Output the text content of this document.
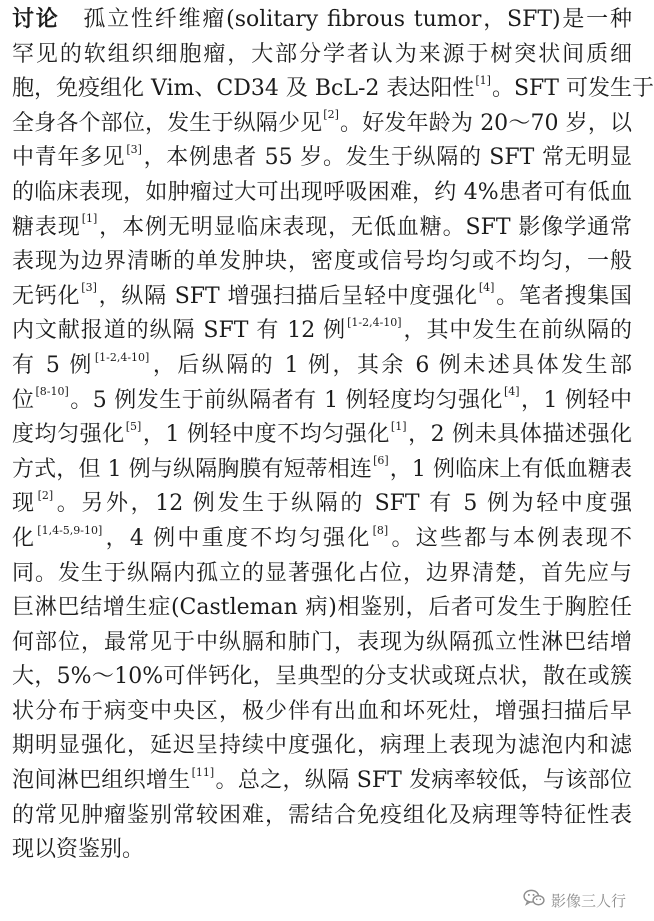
讨论  孤立性纤维瘤(solitary fibrous tumor，SFT)是一种
罕见的软组织细胞瘤，大部分学者认为来源于树突状间质细
胞，免疫组化 Vim、CD34 及 BcL-2 表达阳性[1]。SFT 可发生于
全身各个部位，发生于纵隔少见[2]。好发年龄为 20～70 岁，以
中青年多见[3]，本例患者 55 岁。发生于纵隔的 SFT 常无明显
的临床表现，如肿瘤过大可出现呼吸困难，约 4%患者可有低血
糖表现[1]，本例无明显临床表现，无低血糖。SFT 影像学通常
表现为边界清晰的单发肿块，密度或信号均匀或不均匀，一般
无钙化[3]，纵隔 SFT 增强扫描后呈轻中度强化[4]。笔者搜集国
内文献报道的纵隔 SFT 有 12 例[1-2,4-10]，其中发生在前纵隔的
有 5 例[1-2,4-10]，后纵隔的 1 例，其余 6 例未述具体发生部
位[8-10]。5 例发生于前纵隔者有 1 例轻度均匀强化[4]，1 例轻中
度均匀强化[5]，1 例轻中度不均匀强化[1]，2 例未具体描述强化
方式，但 1 例与纵隔胸膜有短蒂相连[6]，1 例临床上有低血糖表
现[2]。另外，12 例发生于纵隔的 SFT 有 5 例为轻中度强
化[1,4-5,9-10]，4 例中重度不均匀强化[8]。这些都与本例表现不
同。发生于纵隔内孤立的显著强化占位，边界清楚，首先应与
巨淋巴结增生症(Castleman 病)相鉴别，后者可发生于胸腔任
何部位，最常见于中纵膈和肺门，表现为纵隔孤立性淋巴结增
大，5%～10%可伴钙化，呈典型的分支状或斑点状，散在或簇
状分布于病变中央区，极少伴有出血和坏死灶，增强扫描后早
期明显强化，延迟呈持续中度强化，病理上表现为滤泡内和滤
泡间淋巴组织增生[11]。总之，纵隔 SFT 发病率较低，与该部位
的常见肿瘤鉴别常较困难，需结合免疫组化及病理等特征性表
现以资鉴别。
影像三人行
